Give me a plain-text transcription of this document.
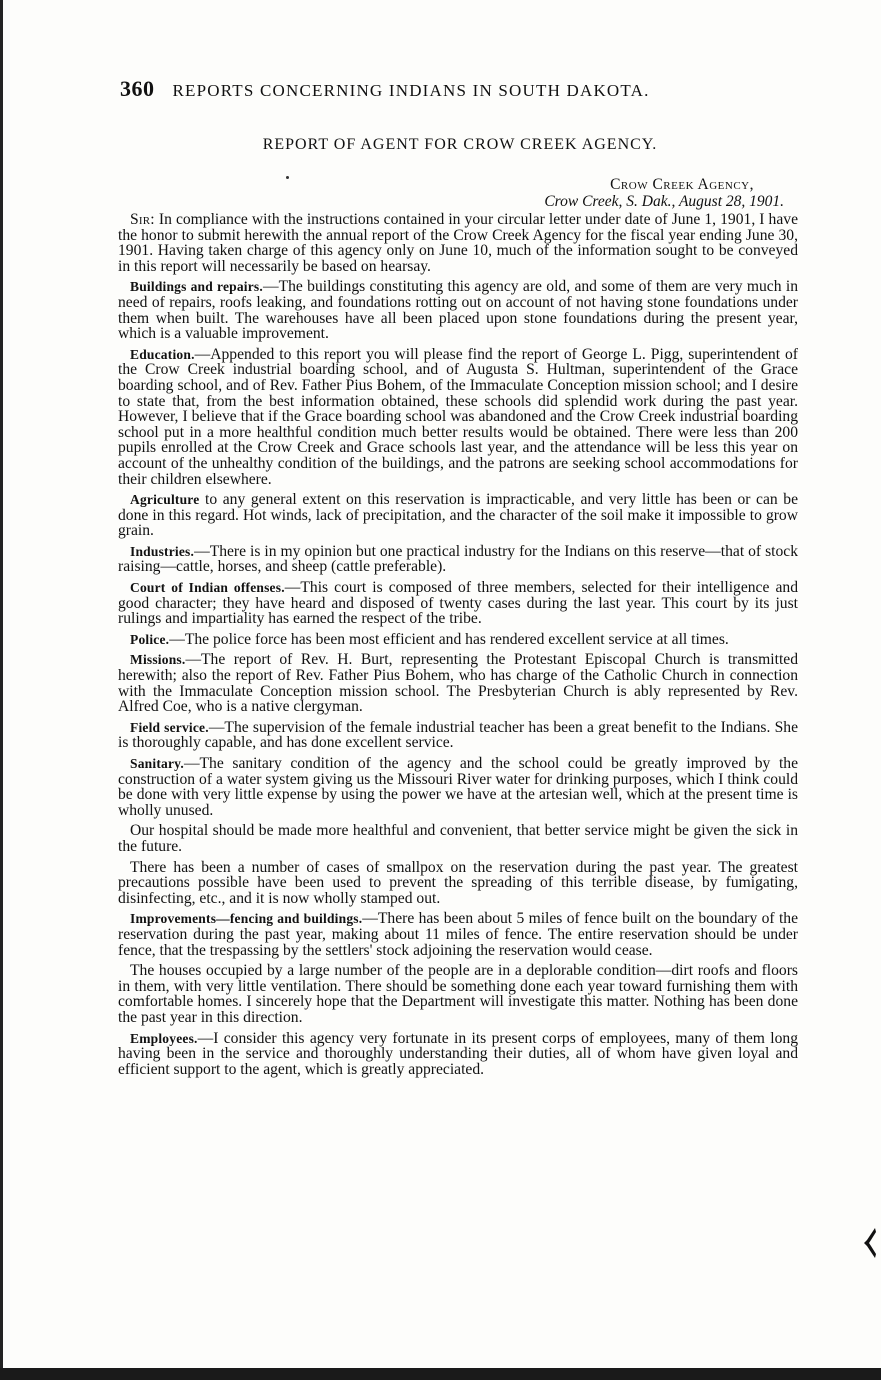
360 REPORTS CONCERNING INDIANS IN SOUTH DAKOTA.
REPORT OF AGENT FOR CROW CREEK AGENCY.
Crow Creek Agency,
Crow Creek, S. Dak., August 28, 1901.

Sir: In compliance with the instructions contained in your circular letter under date of June 1, 1901, I have the honor to submit herewith the annual report of the Crow Creek Agency for the fiscal year ending June 30, 1901. Having taken charge of this agency only on June 10, much of the information sought to be conveyed in this report will necessarily be based on hearsay.

Buildings and repairs.—The buildings constituting this agency are old, and some of them are very much in need of repairs, roofs leaking, and foundations rotting out on account of not having stone foundations under them when built. The warehouses have all been placed upon stone foundations during the present year, which is a valuable improvement.

Education.—Appended to this report you will please find the report of George L. Pigg, superintendent of the Crow Creek industrial boarding school, and of Augusta S. Hultman, superintendent of the Grace boarding school, and of Rev. Father Pius Bohem, of the Immaculate Conception mission school; and I desire to state that, from the best information obtained, these schools did splendid work during the past year. However, I believe that if the Grace boarding school was abandoned and the Crow Creek industrial boarding school put in a more healthful condition much better results would be obtained. There were less than 200 pupils enrolled at the Crow Creek and Grace schools last year, and the attendance will be less this year on account of the unhealthy condition of the buildings, and the patrons are seeking school accommodations for their children elsewhere.

Agriculture to any general extent on this reservation is impracticable, and very little has been or can be done in this regard. Hot winds, lack of precipitation, and the character of the soil make it impossible to grow grain.

Industries.—There is in my opinion but one practical industry for the Indians on this reserve—that of stock raising—cattle, horses, and sheep (cattle preferable).

Court of Indian offenses.—This court is composed of three members, selected for their intelligence and good character; they have heard and disposed of twenty cases during the last year. This court by its just rulings and impartiality has earned the respect of the tribe.

Police.—The police force has been most efficient and has rendered excellent service at all times.

Missions.—The report of Rev. H. Burt, representing the Protestant Episcopal Church is transmitted herewith; also the report of Rev. Father Pius Bohem, who has charge of the Catholic Church in connection with the Immaculate Conception mission school. The Presbyterian Church is ably represented by Rev. Alfred Coe, who is a native clergyman.

Field service.—The supervision of the female industrial teacher has been a great benefit to the Indians. She is thoroughly capable, and has done excellent service.

Sanitary.—The sanitary condition of the agency and the school could be greatly improved by the construction of a water system giving us the Missouri River water for drinking purposes, which I think could be done with very little expense by using the power we have at the artesian well, which at the present time is wholly unused.

Our hospital should be made more healthful and convenient, that better service might be given the sick in the future.

There has been a number of cases of smallpox on the reservation during the past year. The greatest precautions possible have been used to prevent the spreading of this terrible disease, by fumigating, disinfecting, etc., and it is now wholly stamped out.

Improvements—fencing and buildings.—There has been about 5 miles of fence built on the boundary of the reservation during the past year, making about 11 miles of fence. The entire reservation should be under fence, that the trespassing by the settlers' stock adjoining the reservation would cease.

The houses occupied by a large number of the people are in a deplorable condition—dirt roofs and floors in them, with very little ventilation. There should be something done each year toward furnishing them with comfortable homes. I sincerely hope that the Department will investigate this matter. Nothing has been done the past year in this direction.

Employees.—I consider this agency very fortunate in its present corps of employees, many of them long having been in the service and thoroughly understanding their duties, all of whom have given loyal and efficient support to the agent, which is greatly appreciated.
